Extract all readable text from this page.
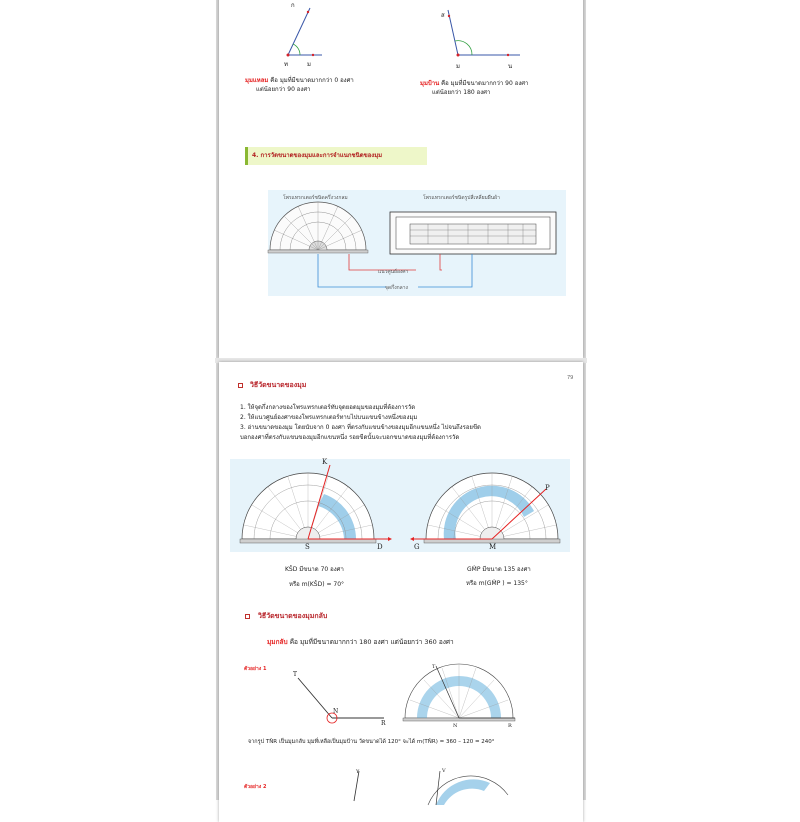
ก
ท	ม
มุมแหลม คือ มุมที่มีขนาดมากกว่า 0 องศา
แต่น้อยกว่า 90 องศา
ส
ม	น
มุมป้าน คือ มุมที่มีขนาดมากกว่า 90 องศา
แต่น้อยกว่า 180 องศา
4. การวัดขนาดของมุมและการจำแนกชนิดของมุม
โพรแทรกเตอร์ชนิดครึ่งวงกลม	โพรแทรกเตอร์ชนิดรูปสี่เหลี่ยมผืนผ้า
แนวศูนย์องศา
จุดกึ่งกลาง
79
วิธีวัดขนาดของมุม
1. ให้จุดกึ่งกลางของโพรแทรกเตอร์ทับจุดยอดมุมของมุมที่ต้องการวัด
2. ให้แนวศูนย์องศาของโพรแทรกเตอร์ทาบไปบนแขนข้างหนึ่งของมุม
3. อ่านขนาดของมุม โดยนับจาก 0 องศา ที่ตรงกับแขนข้างของมุมอีกแขนหนึ่ง ไปจนถึงรอยขีด
บอกองศาที่ตรงกับแขนของมุมอีกแขนหนึ่ง รอยขีดนั้นจะบอกขนาดของมุมที่ต้องการวัด
K
S	D	G	M
P
KŜD มีขนาด 70 องศา
หรือ m(KŜD) = 70°
GM̂P มีขนาด 135 องศา
หรือ m(GM̂P ) = 135°
วิธีวัดขนาดของมุมกลับ
มุมกลับ คือ มุมที่มีขนาดมากกว่า 180 องศา แต่น้อยกว่า 360 องศา
ตัวอย่าง 1
T
N
R
T
N	R
จากรูป TN̂R เป็นมุมกลับ มุมที่เหลือเป็นมุมป้าน วัดขนาดได้ 120° จะได้ m(TN̂R) = 360 – 120 = 240°
ตัวอย่าง 2
Y	V
